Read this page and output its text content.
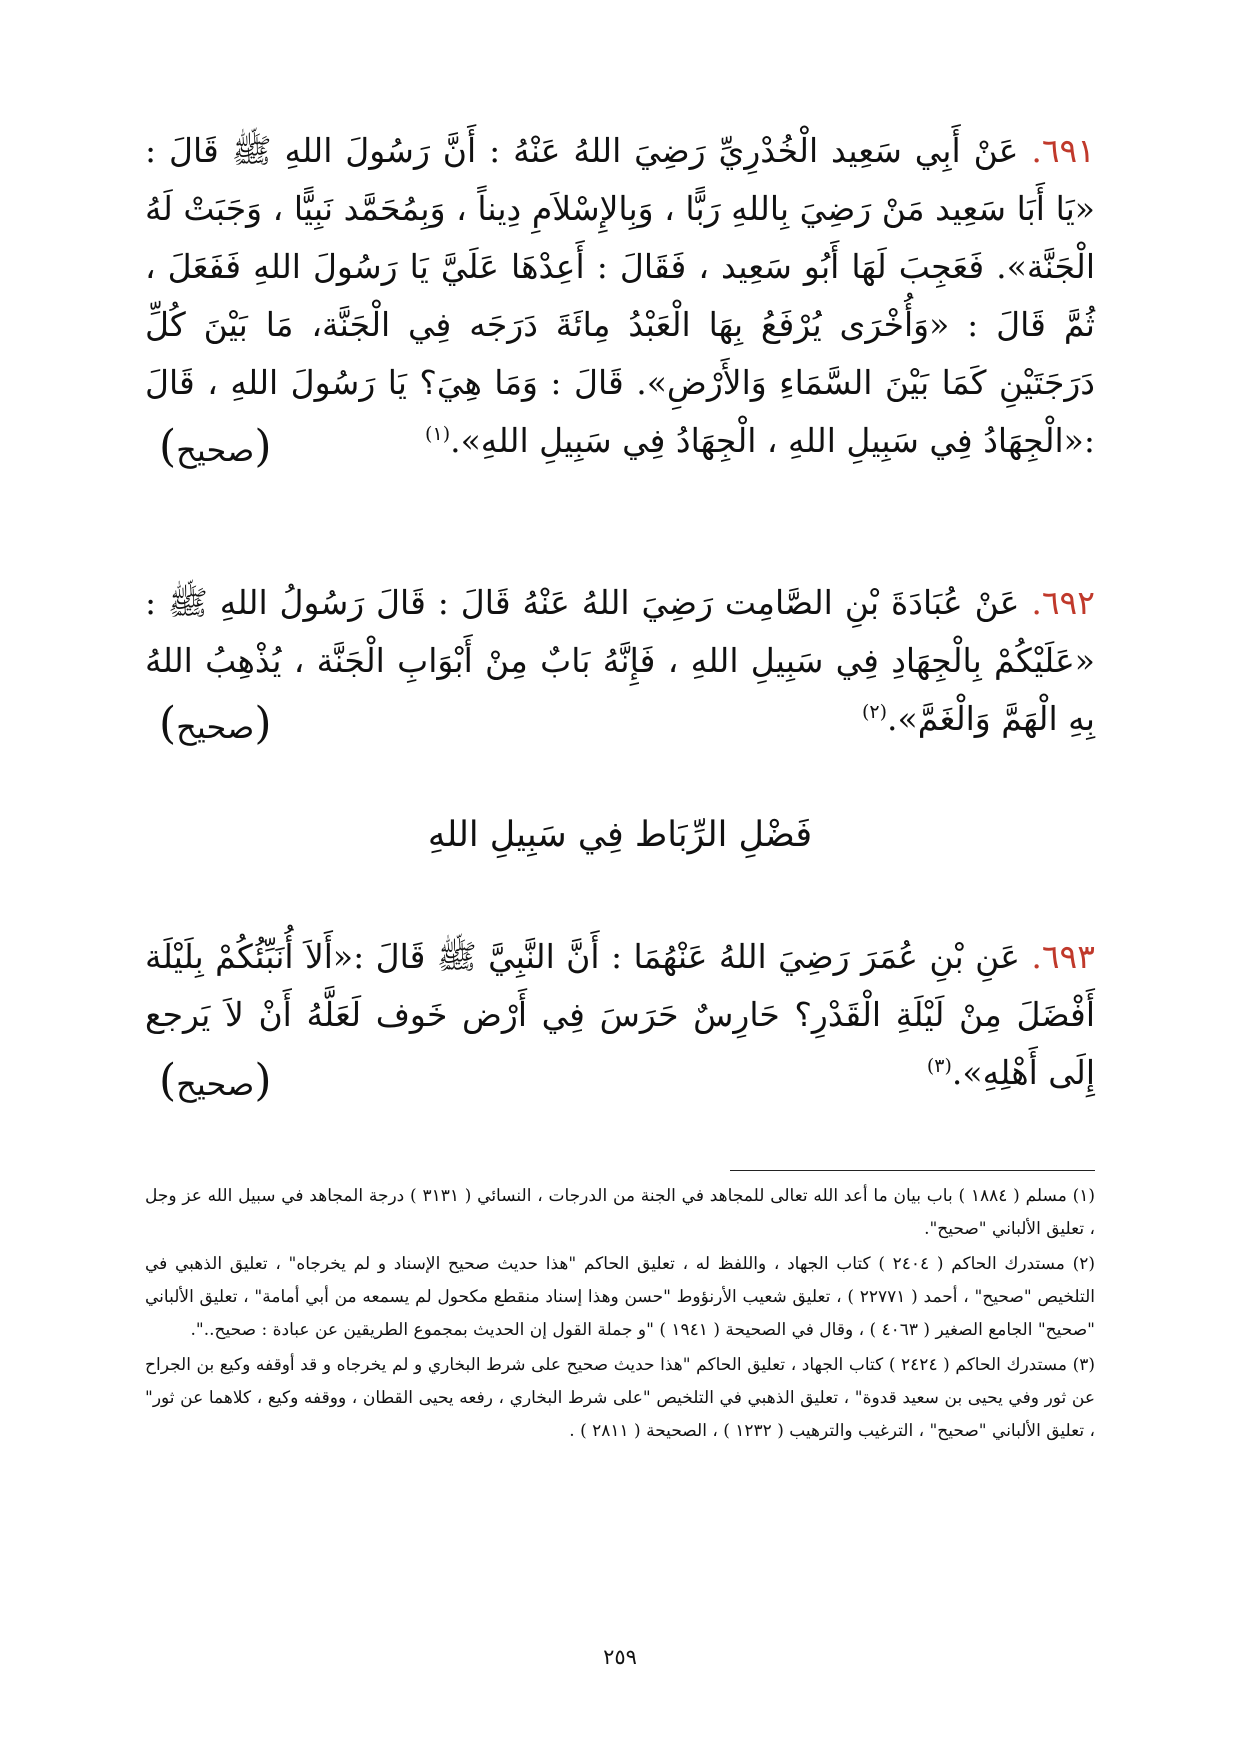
٦٩١. عَنْ أَبِي سَعِيد الْخُدْرِيِّ رَضِيَ اللهُ عَنْهُ : أَنَّ رَسُولَ اللهِ ﷺ قَالَ : «يَا أَبَا سَعِيد مَنْ رَضِيَ بِاللهِ رَبًّا ، وَبِالإِسْلاَمِ دِيناً ، وَبِمُحَمَّد نَبِيًّا ، وَجَبَتْ لَهُ الْجَنَّة». فَعَجِبَ لَهَا أَبُو سَعِيد ، فَقَالَ : أَعِدْهَا عَلَيَّ يَا رَسُولَ اللهِ فَفَعَلَ ، ثُمَّ قَالَ : «وَأُخْرَى يُرْفَعُ بِهَا الْعَبْدُ مِائَةَ دَرَجَه فِي الْجَنَّة، مَا بَيْنَ كُلِّ دَرَجَتَيْنِ كَمَا بَيْنَ السَّمَاءِ وَالأَرْضِ». قَالَ : وَمَا هِيَ؟ يَا رَسُولَ اللهِ ، قَالَ :«الْجِهَادُ فِي سَبِيلِ اللهِ ، الْجِهَادُ فِي سَبِيلِ اللهِ».$^{(١)}$

( صحيح )

٦٩٢. عَنْ عُبَادَةَ بْنِ الصَّامِت رَضِيَ اللهُ عَنْهُ قَالَ : قَالَ رَسُولُ اللهِ ﷺ : «عَلَيْكُمْ بِالْجِهَادِ فِي سَبِيلِ اللهِ ، فَإِنَّهُ بَابٌ مِنْ أَبْوَابِ الْجَنَّة ، يُذْهِبُ اللهُ بِهِ الْهَمَّ وَالْغَمَّ».$^{(٢)}$

( صحيح )
فَضْلِ الرِّبَاط فِي سَبِيلِ اللهِ

٦٩٣. عَنِ بْنِ عُمَرَ رَضِيَ اللهُ عَنْهُمَا : أَنَّ النَّبِيَّ ﷺ قَالَ :«أَلاَ أُنَبِّئُكُمْ بِلَيْلَة أَفْضَلَ مِنْ لَيْلَةِ الْقَدْرِ؟ حَارِسٌ حَرَسَ فِي أَرْض خَوف لَعَلَّهُ أَنْ لاَ يَرجع إِلَى أَهْلِهِ».$^{(٣)}$

( صحيح )

(١) مسلم ( ١٨٨٤ ) باب بيان ما أعد الله تعالى للمجاهد في الجنة من الدرجات ، النسائي ( ٣١٣١ ) درجة المجاهد في سبيل الله عز وجل ، تعليق الألباني "صحيح".

(٢) مستدرك الحاكم ( ٢٤٠٤ ) كتاب الجهاد ، واللفظ له ، تعليق الحاكم "هذا حديث صحيح الإسناد و لم يخرجاه" ، تعليق الذهبي في التلخيص "صحيح" ، أحمد ( ٢٢٧٧١ ) ، تعليق شعيب الأرنؤوط "حسن وهذا إسناد منقطع مكحول لم يسمعه من أبي أمامة" ، تعليق الألباني "صحيح" الجامع الصغير ( ٤٠٦٣ ) ، وقال في الصحيحة ( ١٩٤١ ) "و جملة القول إن الحديث بمجموع الطريقين عن عبادة : صحيح..".

(٣) مستدرك الحاكم ( ٢٤٢٤ ) كتاب الجهاد ، تعليق الحاكم "هذا حديث صحيح على شرط البخاري و لم يخرجاه و قد أوقفه وكيع بن الجراح عن ثور وفي يحيى بن سعيد قدوة" ، تعليق الذهبي في التلخيص "على شرط البخاري ، رفعه يحيى القطان ، ووقفه وكيع ، كلاهما عن ثور" ، تعليق الألباني "صحيح" ، الترغيب والترهيب ( ١٢٣٢ ) ، الصحيحة ( ٢٨١١ ) .

٢٥٩
